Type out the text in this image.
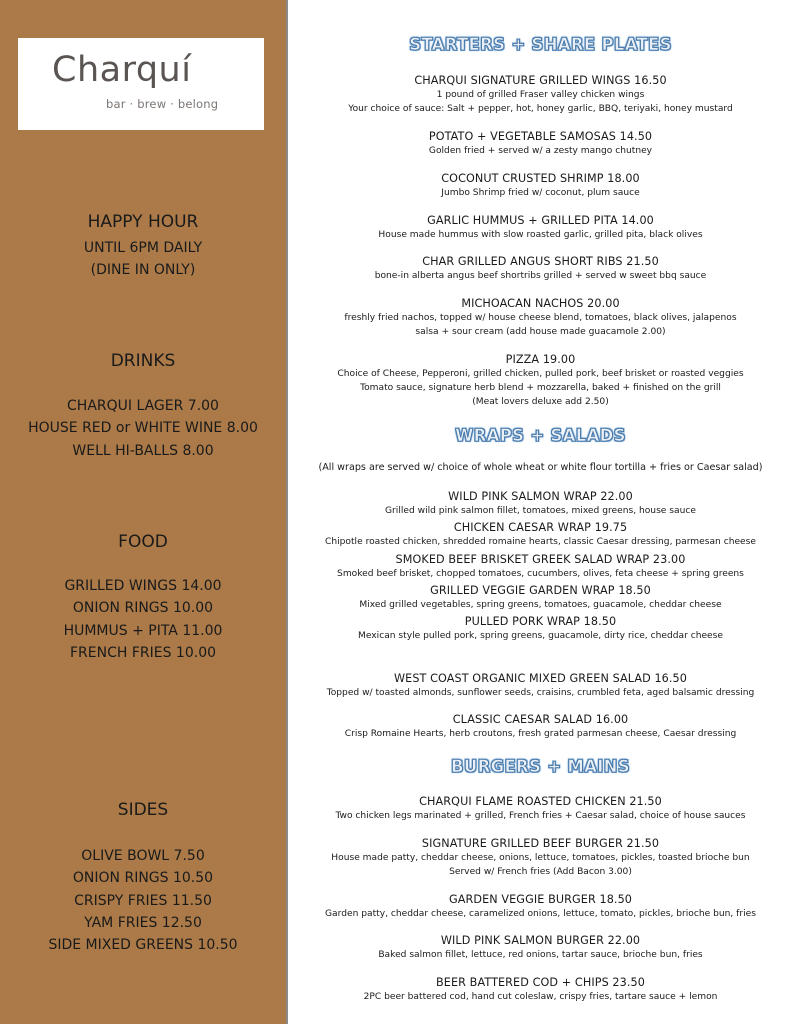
Charquí
bar · brew · belong

HAPPY HOUR

UNTIL 6PM DAILY

(DINE IN ONLY)

DRINKS

CHARQUI LAGER 7.00

HOUSE RED or WHITE WINE 8.00

WELL HI-BALLS 8.00

FOOD

GRILLED WINGS 14.00

ONION RINGS 10.00

HUMMUS + PITA 11.00

FRENCH FRIES 10.00

SIDES

OLIVE BOWL 7.50

ONION RINGS 10.50

CRISPY FRIES 11.50

YAM FRIES 12.50

SIDE MIXED GREENS 10.50

STARTERS + SHARE PLATES

CHARQUI SIGNATURE GRILLED WINGS 16.50

1 pound of grilled Fraser valley chicken wings

Your choice of sauce: Salt + pepper, hot, honey garlic, BBQ, teriyaki, honey mustard

POTATO + VEGETABLE SAMOSAS 14.50

Golden fried + served w/ a zesty mango chutney

COCONUT CRUSTED SHRIMP 18.00

Jumbo Shrimp fried w/ coconut, plum sauce

GARLIC HUMMUS + GRILLED PITA 14.00

House made hummus with slow roasted garlic, grilled pita, black olives

CHAR GRILLED ANGUS SHORT RIBS 21.50

bone-in alberta angus beef shortribs grilled + served w sweet bbq sauce

MICHOACAN NACHOS 20.00

freshly fried nachos, topped w/ house cheese blend, tomatoes, black olives, jalapenos

salsa + sour cream (add house made guacamole 2.00)

PIZZA 19.00

Choice of Cheese, Pepperoni, grilled chicken, pulled pork, beef brisket or roasted veggies

Tomato sauce, signature herb blend + mozzarella, baked + finished on the grill

(Meat lovers deluxe add 2.50)

WRAPS + SALADS
(All wraps are served w/ choice of whole wheat or white flour tortilla + fries or Caesar salad)

WILD PINK SALMON WRAP 22.00

Grilled wild pink salmon fillet, tomatoes, mixed greens, house sauce

CHICKEN CAESAR WRAP 19.75

Chipotle roasted chicken, shredded romaine hearts, classic Caesar dressing, parmesan cheese

SMOKED BEEF BRISKET GREEK SALAD WRAP 23.00

Smoked beef brisket, chopped tomatoes, cucumbers, olives, feta cheese + spring greens

GRILLED VEGGIE GARDEN WRAP 18.50

Mixed grilled vegetables, spring greens, tomatoes, guacamole, cheddar cheese

PULLED PORK WRAP 18.50

Mexican style pulled pork, spring greens, guacamole, dirty rice, cheddar cheese

WEST COAST ORGANIC MIXED GREEN SALAD 16.50

Topped w/ toasted almonds, sunflower seeds, craisins, crumbled feta, aged balsamic dressing

CLASSIC CAESAR SALAD 16.00

Crisp Romaine Hearts, herb croutons, fresh grated parmesan cheese, Caesar dressing

BURGERS + MAINS

CHARQUI FLAME ROASTED CHICKEN 21.50

Two chicken legs marinated + grilled, French fries + Caesar salad, choice of house sauces

SIGNATURE GRILLED BEEF BURGER 21.50

House made patty, cheddar cheese, onions, lettuce, tomatoes, pickles, toasted brioche bun

Served w/ French fries (Add Bacon 3.00)

GARDEN VEGGIE BURGER 18.50

Garden patty, cheddar cheese, caramelized onions, lettuce, tomato, pickles, brioche bun, fries

WILD PINK SALMON BURGER 22.00

Baked salmon fillet, lettuce, red onions, tartar sauce, brioche bun, fries

BEER BATTERED COD + CHIPS 23.50

2PC beer battered cod, hand cut coleslaw, crispy fries, tartare sauce + lemon
